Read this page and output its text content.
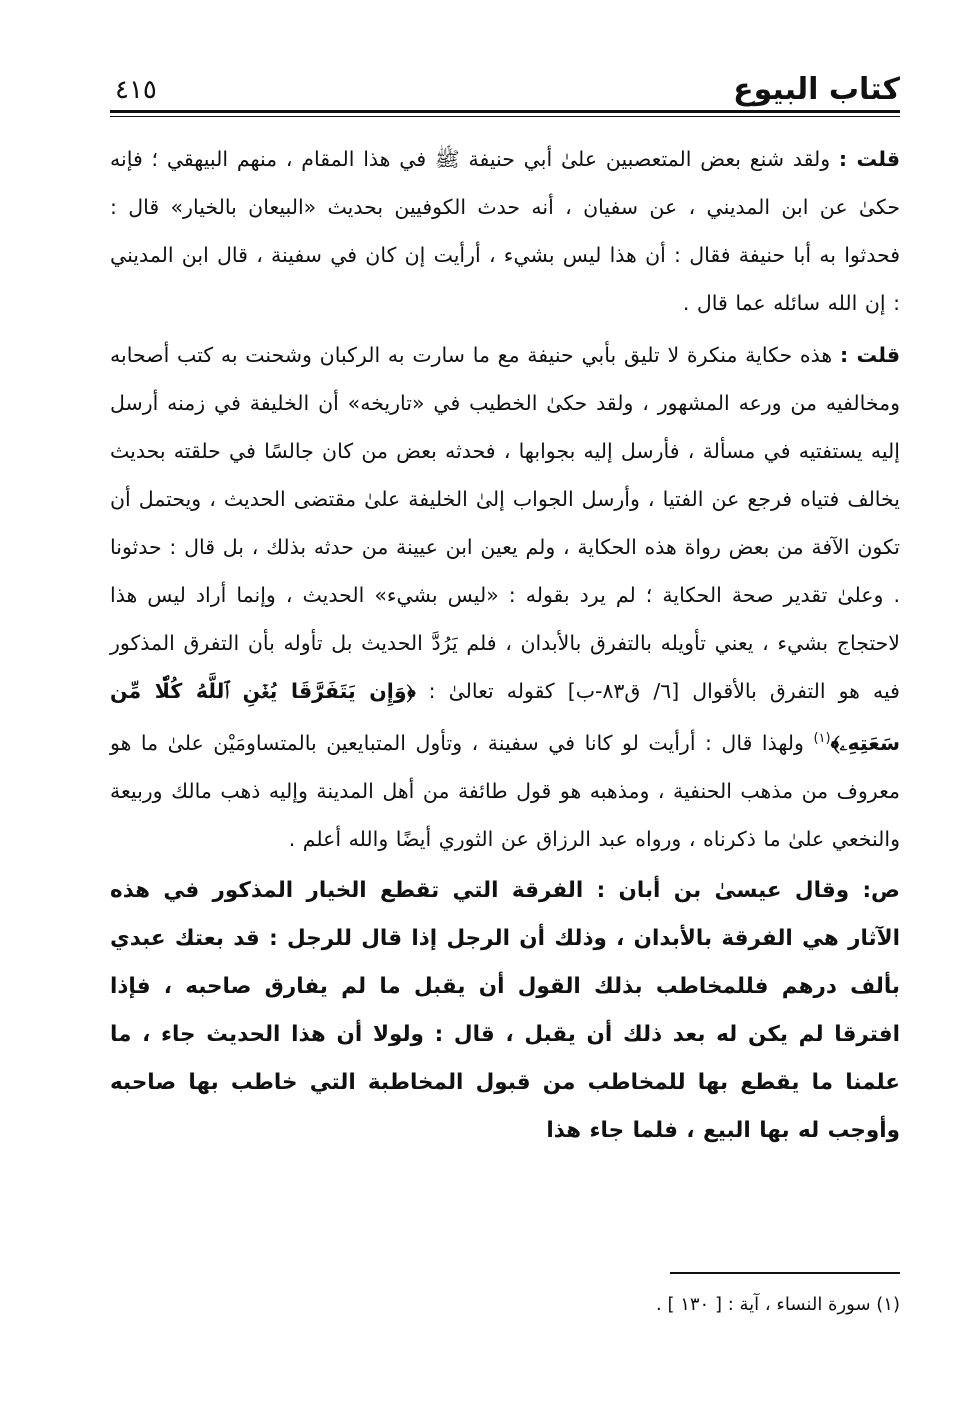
كتاب البيوع
٤١٥

قلت : ولقد شنع بعض المتعصبين علىٰ أبي حنيفة ﷺ في هذا المقام ، منهم البيهقي ؛ فإنه حكىٰ عن ابن المديني ، عن سفيان ، أنه حدث الكوفيين بحديث «البيعان بالخيار» قال : فحدثوا به أبا حنيفة فقال : أن هذا ليس بشيء ، أرأيت إن كان في سفينة ، قال ابن المديني : إن الله سائله عما قال .

قلت : هذه حكاية منكرة لا تليق بأبي حنيفة مع ما سارت به الركبان وشحنت به كتب أصحابه ومخالفيه من ورعه المشهور ، ولقد حكىٰ الخطيب في «تاريخه» أن الخليفة في زمنه أرسل إليه يستفتيه في مسألة ، فأرسل إليه بجوابها ، فحدثه بعض من كان جالسًا في حلقته بحديث يخالف فتياه فرجع عن الفتيا ، وأرسل الجواب إلىٰ الخليفة علىٰ مقتضى الحديث ، ويحتمل أن تكون الآفة من بعض رواة هذه الحكاية ، ولم يعين ابن عيينة من حدثه بذلك ، بل قال : حدثونا . وعلىٰ تقدير صحة الحكاية ؛ لم يرد بقوله : «ليس بشيء» الحديث ، وإنما أراد ليس هذا لاحتجاج بشيء ، يعني تأويله بالتفرق بالأبدان ، فلم يَرُدَّ الحديث بل تأوله بأن التفرق المذكور فيه هو التفرق بالأقوال [٦/ ق٨٣-ب] كقوله تعالىٰ : ﴿وَإِن يَتَفَرَّقَا يُغۡنِ ٱللَّهُ كُلّٗا مِّن سَعَتِهِۦ﴾$^{(١)}$ ولهذا قال : أرأيت لو كانا في سفينة ، وتأول المتبايعين بالمتساومَيْن علىٰ ما هو معروف من مذهب الحنفية ، ومذهبه هو قول طائفة من أهل المدينة وإليه ذهب مالك وربيعة والنخعي علىٰ ما ذكرناه ، ورواه عبد الرزاق عن الثوري أيضًا والله أعلم .

ص: وقال عيسىٰ بن أبان : الفرقة التي تقطع الخيار المذكور في هذه الآثار هي الفرقة بالأبدان ، وذلك أن الرجل إذا قال للرجل : قد بعتك عبدي بألف درهم فللمخاطب بذلك القول أن يقبل ما لم يفارق صاحبه ، فإذا افترقا لم يكن له بعد ذلك أن يقبل ، قال : ولولا أن هذا الحديث جاء ، ما علمنا ما يقطع بها للمخاطب من قبول المخاطبة التي خاطب بها صاحبه وأوجب له بها البيع ، فلما جاء هذا

(١) سورة النساء ، آية : [ ١٣٠ ] .
